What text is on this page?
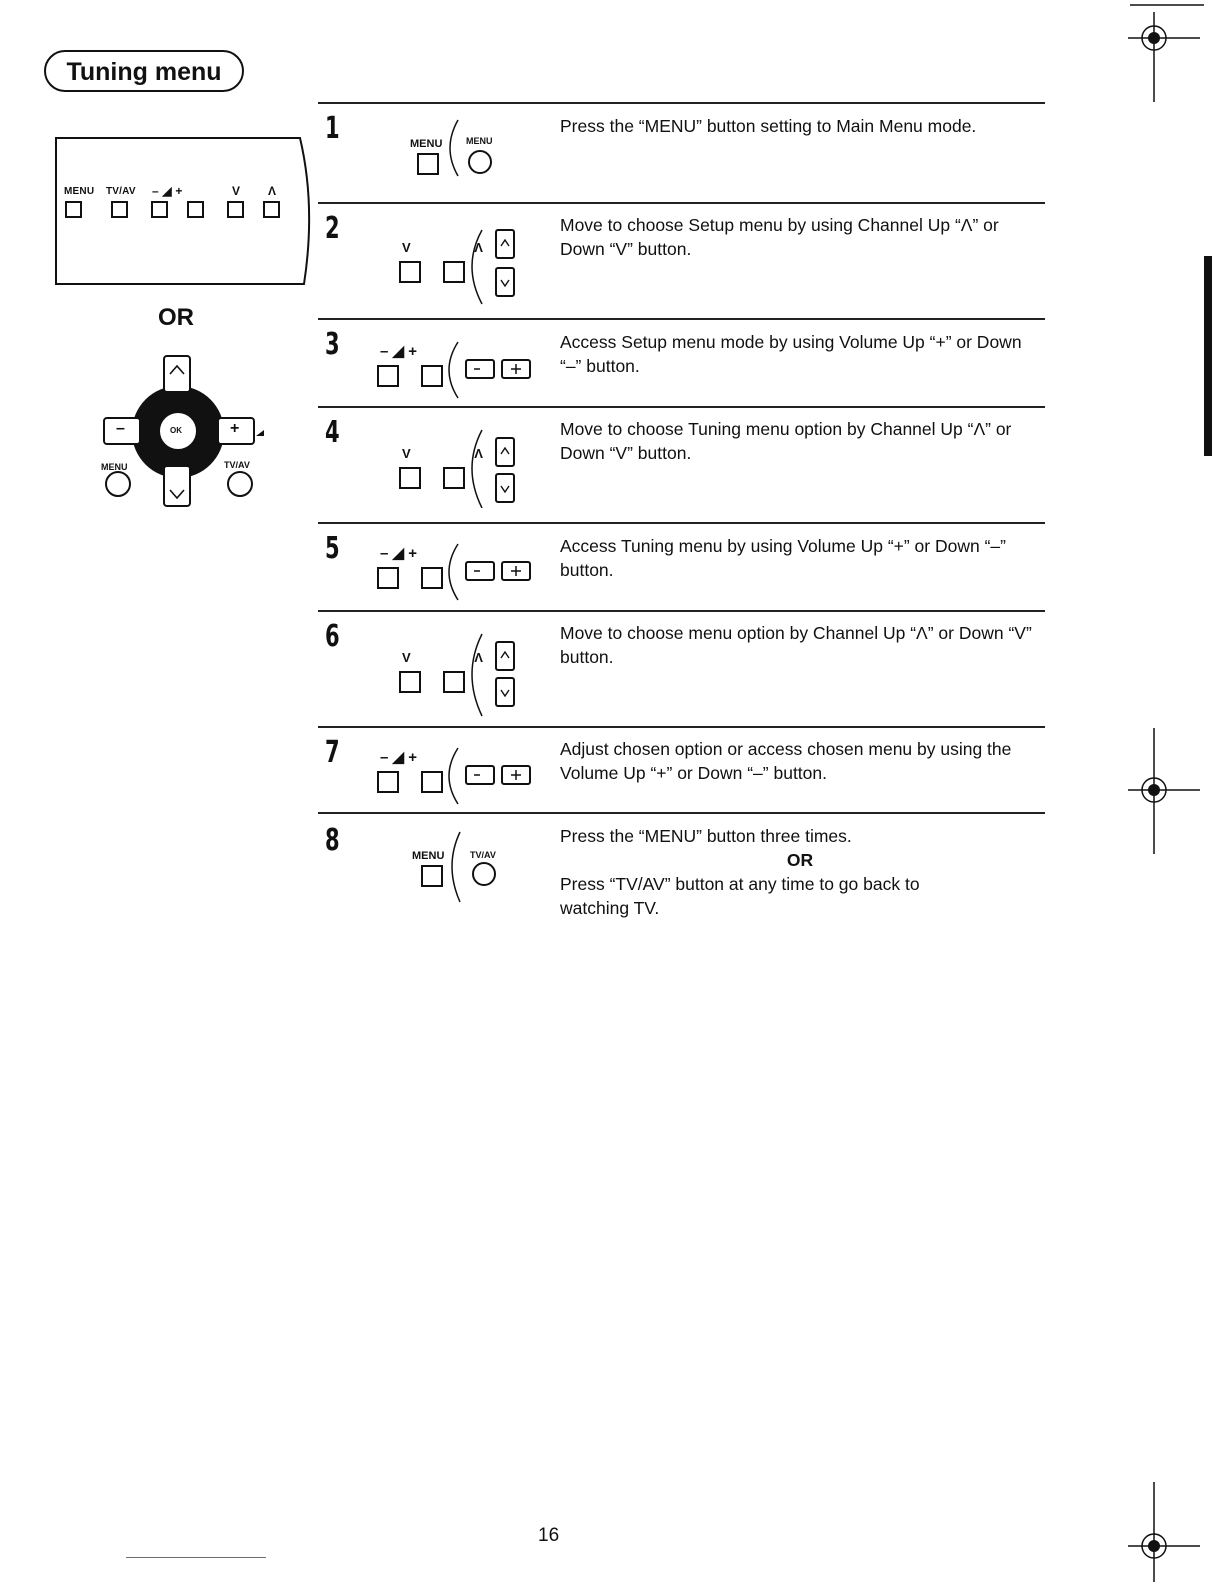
Tuning menu
MENU TV/AV – ◢ +	V Λ
OR
OK
–	+
MENU	TV/AV
1	MENU	MENU
Press the “MENU” button setting to Main Menu mode.
2
V Λ
Move to choose Setup menu by using Channel Up “Λ” or Down “V” button.
3	– ◢ +	Access Setup menu mode by using Volume Up “+” or Down “–” button.
4
V Λ
Move to choose Tuning menu option by Channel Up “Λ” or Down “V” button.
5	– ◢ +	Access Tuning menu by using Volume Up “+” or Down “–” button.
6
V Λ
Move to choose menu option by Channel Up “Λ” or Down “V” button.
7	– ◢ +	Adjust chosen option or access chosen menu by using the Volume Up “+” or Down “–” button.
8	MENU	TV/AV
Press the “MENU” button three times.
OR
Press “TV/AV” button at any time to go back to watching TV.
16
